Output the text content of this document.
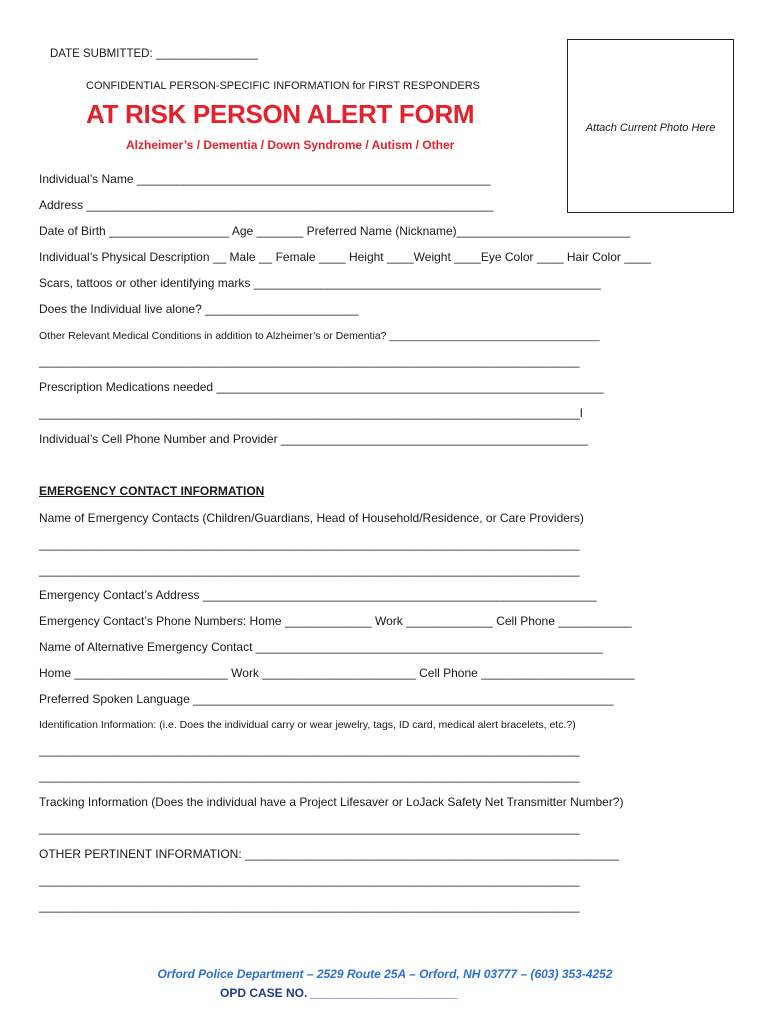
DATE SUBMITTED: ________________
CONFIDENTIAL PERSON-SPECIFIC INFORMATION for FIRST RESPONDERS
AT RISK PERSON ALERT FORM
Alzheimer’s / Dementia / Down Syndrome / Autism / Other
Attach Current Photo Here
Individual’s Name _____________________________________________________
Address _____________________________________________________________
Date of Birth __________________ Age _______ Preferred Name (Nickname)__________________________
Individual’s Physical Description __ Male __ Female ____ Height ____Weight ____Eye Color ____ Hair Color ____
Scars, tattoos or other identifying marks ____________________________________________________
Does the Individual live alone? _______________________
Other Relevant Medical Conditions in addition to Alzheimer’s or Dementia? ____________________________________
_________________________________________________________________________________
Prescription Medications needed __________________________________________________________
_________________________________________________________________________________I
Individual’s Cell Phone Number and Provider ______________________________________________
EMERGENCY CONTACT INFORMATION
Name of Emergency Contacts (Children/Guardians, Head of Household/Residence, or Care Providers)
_________________________________________________________________________________
_________________________________________________________________________________
Emergency Contact’s Address ___________________________________________________________
Emergency Contact’s Phone Numbers: Home _____________ Work _____________ Cell Phone ___________
Name of Alternative Emergency Contact ____________________________________________________
Home _______________________ Work _______________________ Cell Phone _______________________
Preferred Spoken Language _______________________________________________________________
Identification Information: (i.e. Does the individual carry or wear jewelry, tags, ID card, medical alert bracelets, etc.?)
_________________________________________________________________________________
_________________________________________________________________________________
Tracking Information (Does the individual have a Project Lifesaver or LoJack Safety Net Transmitter Number?)
_________________________________________________________________________________
OTHER PERTINENT INFORMATION: ________________________________________________________
_________________________________________________________________________________
_________________________________________________________________________________
Orford Police Department – 2529 Route 25A – Orford, NH 03777 – (603) 353-4252
OPD CASE NO. ______________________
